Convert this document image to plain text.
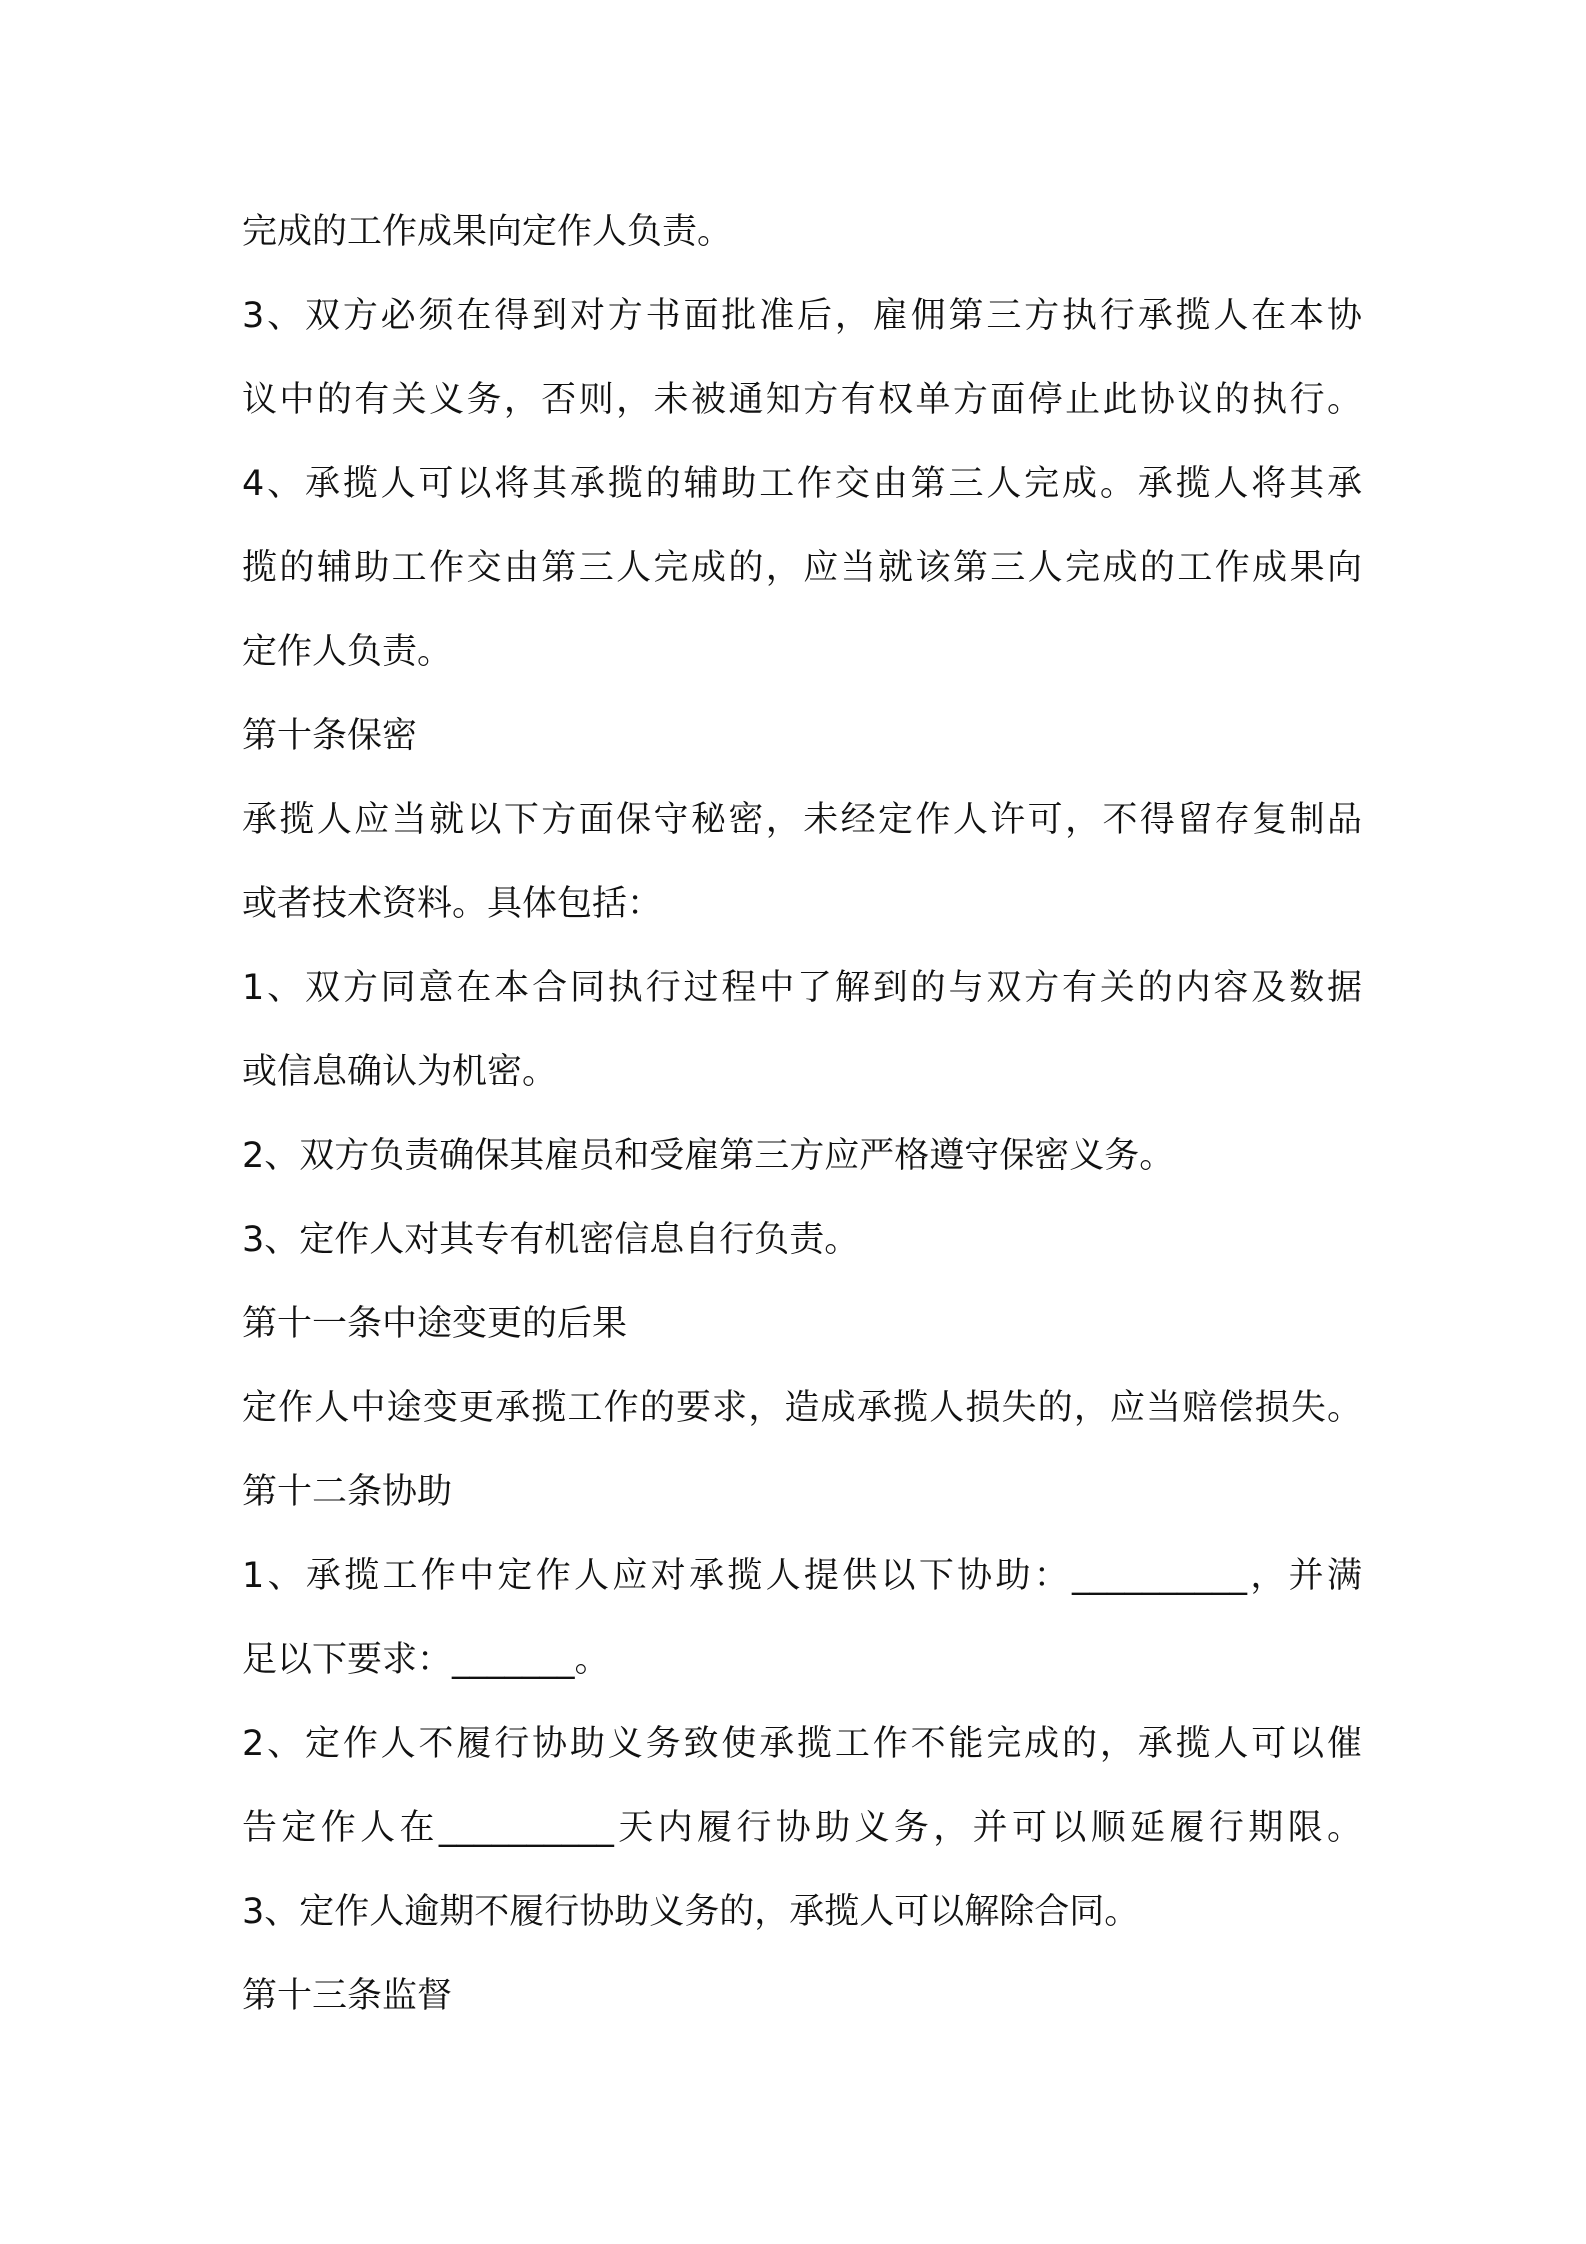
完成的工作成果向定作人负责。
3、双方必须在得到对方书面批准后，雇佣第三方执行承揽人在本协
议中的有关义务，否则，未被通知方有权单方面停止此协议的执行。
4、承揽人可以将其承揽的辅助工作交由第三人完成。承揽人将其承
揽的辅助工作交由第三人完成的，应当就该第三人完成的工作成果向
定作人负责。
第十条保密
承揽人应当就以下方面保守秘密，未经定作人许可，不得留存复制品
或者技术资料。具体包括：
1、双方同意在本合同执行过程中了解到的与双方有关的内容及数据
或信息确认为机密。
2、双方负责确保其雇员和受雇第三方应严格遵守保密义务。
3、定作人对其专有机密信息自行负责。
第十一条中途变更的后果
定作人中途变更承揽工作的要求，造成承揽人损失的，应当赔偿损失。
第十二条协助
1、承揽工作中定作人应对承揽人提供以下协助：__________，并满
足以下要求：_______。
2、定作人不履行协助义务致使承揽工作不能完成的，承揽人可以催
告定作人在__________天内履行协助义务，并可以顺延履行期限。
3、定作人逾期不履行协助义务的，承揽人可以解除合同。
第十三条监督
